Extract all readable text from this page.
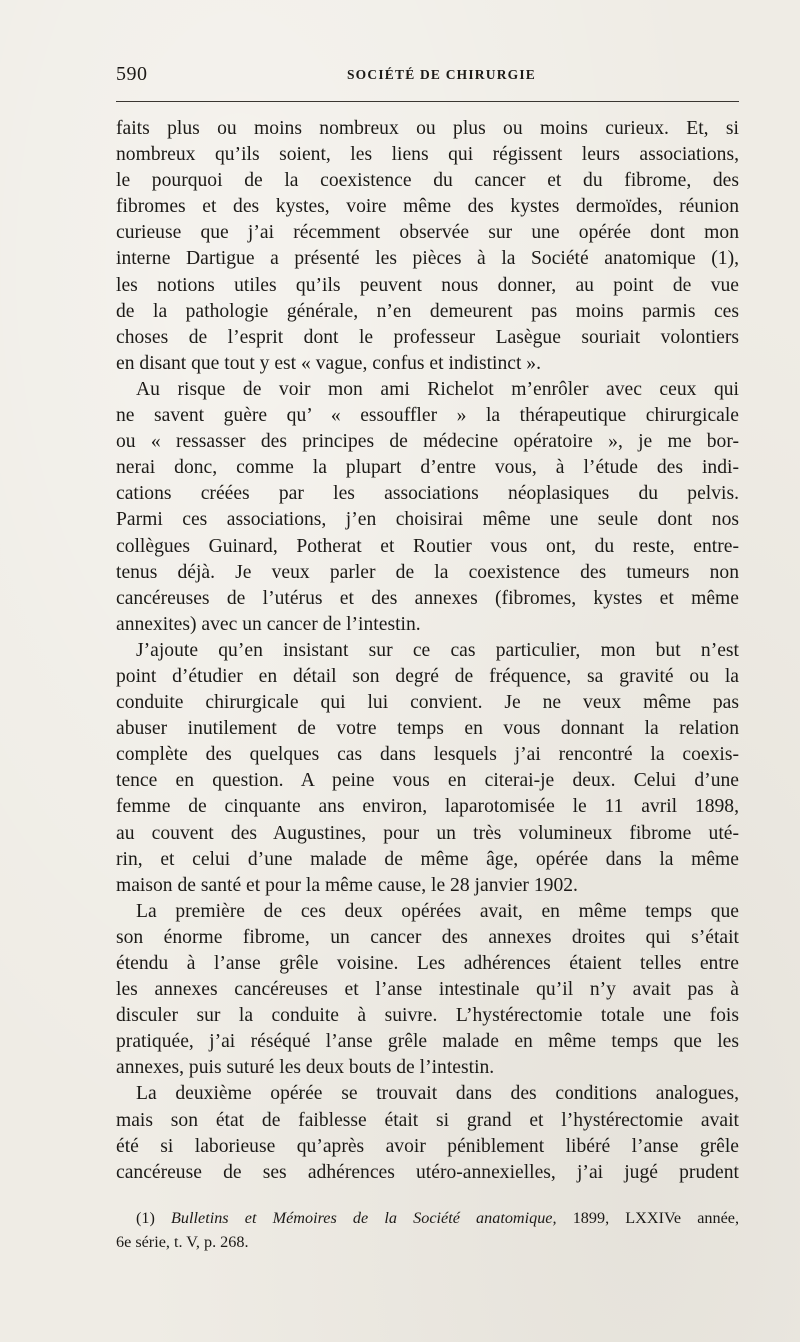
590	SOCIÉTÉ DE CHIRURGIE
faits plus ou moins nombreux ou plus ou moins curieux. Et, si
nombreux qu’ils soient, les liens qui régissent leurs associations,
le pourquoi de la coexistence du cancer et du fibrome, des
fibromes et des kystes, voire même des kystes dermoïdes, réunion
curieuse que j’ai récemment observée sur une opérée dont mon
interne Dartigue a présenté les pièces à la Société anatomique (1),
les notions utiles qu’ils peuvent nous donner, au point de vue
de la pathologie générale, n’en demeurent pas moins parmis ces
choses de l’esprit dont le professeur Lasègue souriait volontiers
en disant que tout y est « vague, confus et indistinct ».
Au risque de voir mon ami Richelot m’enrôler avec ceux qui
ne savent guère qu’ « essouffler » la thérapeutique chirurgicale
ou « ressasser des principes de médecine opératoire », je me bor-
nerai donc, comme la plupart d’entre vous, à l’étude des indi-
cations créées par les associations néoplasiques du pelvis.
Parmi ces associations, j’en choisirai même une seule dont nos
collègues Guinard, Potherat et Routier vous ont, du reste, entre-
tenus déjà. Je veux parler de la coexistence des tumeurs non
cancéreuses de l’utérus et des annexes (fibromes, kystes et même
annexites) avec un cancer de l’intestin.
J’ajoute qu’en insistant sur ce cas particulier, mon but n’est
point d’étudier en détail son degré de fréquence, sa gravité ou la
conduite chirurgicale qui lui convient. Je ne veux même pas
abuser inutilement de votre temps en vous donnant la relation
complète des quelques cas dans lesquels j’ai rencontré la coexis-
tence en question. A peine vous en citerai-je deux. Celui d’une
femme de cinquante ans environ, laparotomisée le 11 avril 1898,
au couvent des Augustines, pour un très volumineux fibrome uté-
rin, et celui d’une malade de même âge, opérée dans la même
maison de santé et pour la même cause, le 28 janvier 1902.
La première de ces deux opérées avait, en même temps que
son énorme fibrome, un cancer des annexes droites qui s’était
étendu à l’anse grêle voisine. Les adhérences étaient telles entre
les annexes cancéreuses et l’anse intestinale qu’il n’y avait pas à
disculer sur la conduite à suivre. L’hystérectomie totale une fois
pratiquée, j’ai réséqué l’anse grêle malade en même temps que les
annexes, puis suturé les deux bouts de l’intestin.
La deuxième opérée se trouvait dans des conditions analogues,
mais son état de faiblesse était si grand et l’hystérectomie avait
été si laborieuse qu’après avoir péniblement libéré l’anse grêle
cancéreuse de ses adhérences utéro-annexielles, j’ai jugé prudent
(1) Bulletins et Mémoires de la Société anatomique, 1899, LXXIVe année,
6e série, t. V, p. 268.
